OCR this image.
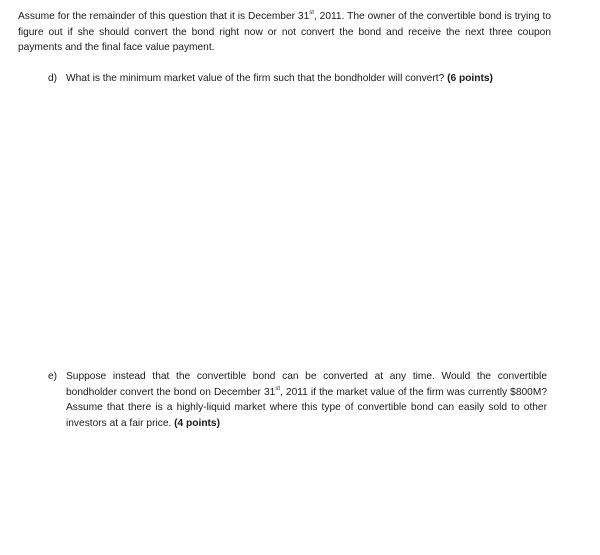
Assume for the remainder of this question that it is December 31st, 2011. The owner of the convertible bond is trying to figure out if she should convert the bond right now or not convert the bond and receive the next three coupon payments and the final face value payment.

d) What is the minimum market value of the firm such that the bondholder will convert? (6 points)

e) Suppose instead that the convertible bond can be converted at any time. Would the convertible bondholder convert the bond on December 31st, 2011 if the market value of the firm was currently $800M? Assume that there is a highly-liquid market where this type of convertible bond can easily sold to other investors at a fair price. (4 points)
